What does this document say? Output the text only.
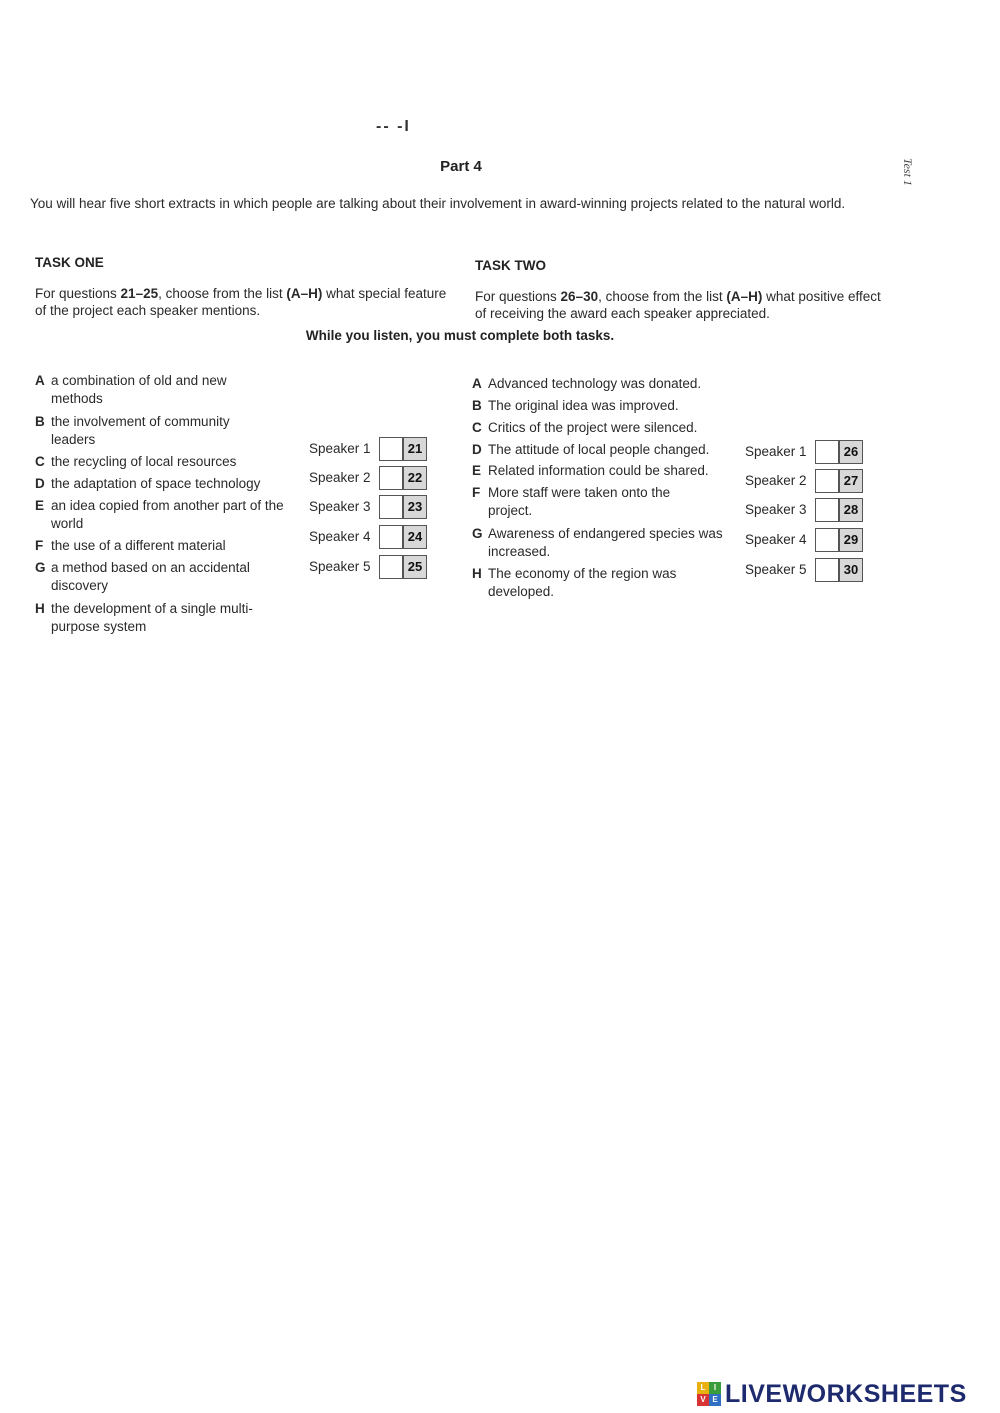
-- -I
Part 4	Test 1
You will hear five short extracts in which people are talking about their involvement in award-winning projects related to the natural world.
TASK ONE
For questions 21–25, choose from the list (A–H) what special feature of the project each speaker mentions.
TASK TWO
For questions 26–30, choose from the list (A–H) what positive effect of receiving the award each speaker appreciated.
While you listen, you must complete both tasks.
A a combination of old and new methods
B the involvement of community leaders
C the recycling of local resources
D the adaptation of space technology
E an idea copied from another part of the world
F the use of a different material
G a method based on an accidental discovery
H the development of a single multi-purpose system
Speaker 1	21
Speaker 2	22
Speaker 3	23
Speaker 4	24
Speaker 5	25
A Advanced technology was donated.
B The original idea was improved.
C Critics of the project were silenced.
D The attitude of local people changed.
E Related information could be shared.
F More staff were taken onto the project.
G Awareness of endangered species was increased.
H The economy of the region was developed.
Speaker 1	26
Speaker 2	27
Speaker 3	28
Speaker 4	29
Speaker 5	30
L	I
V E LIVEWORKSHEETS
